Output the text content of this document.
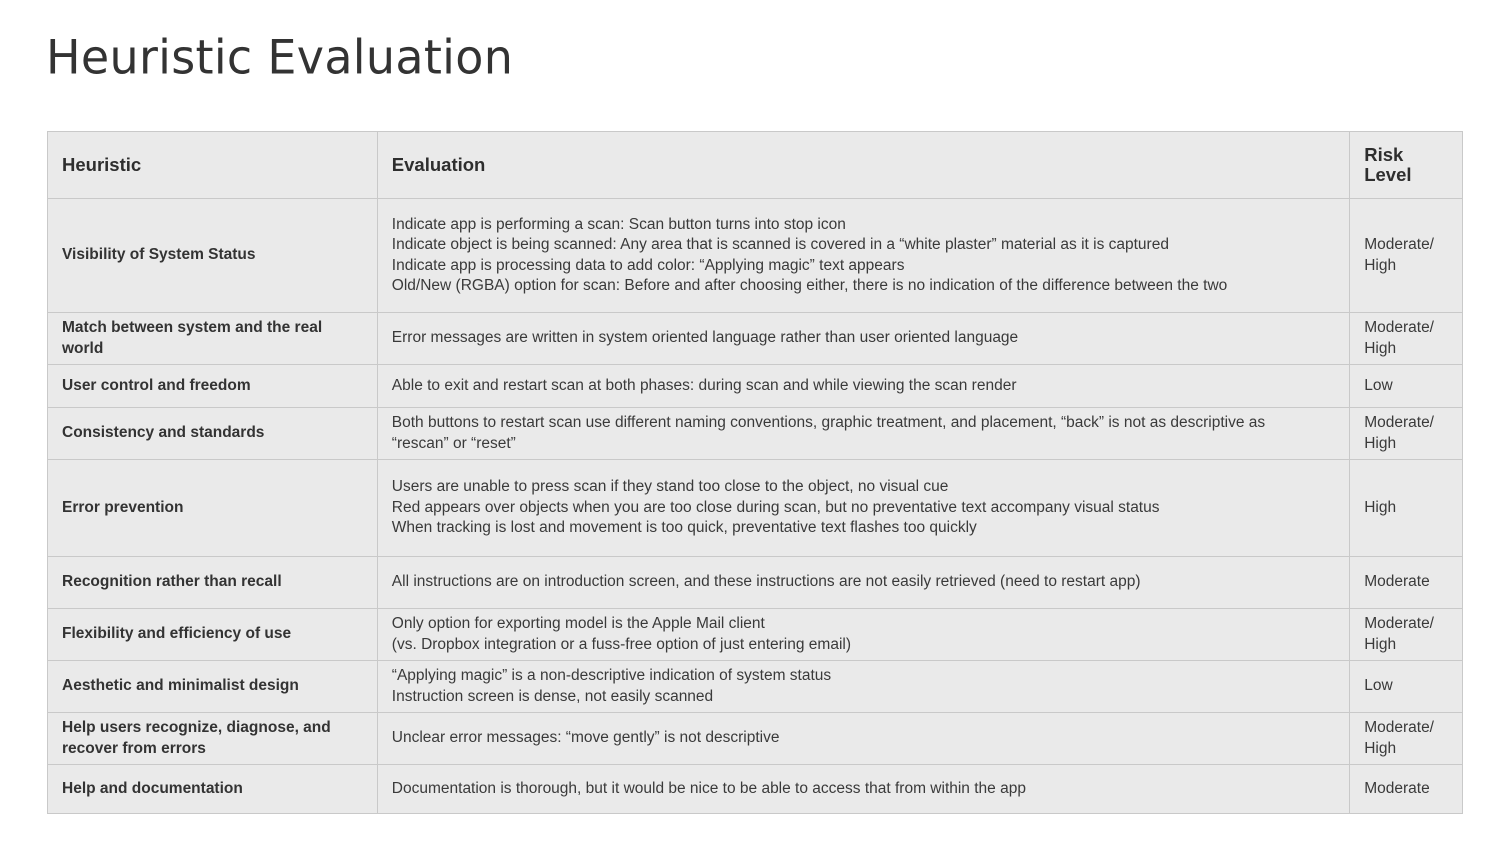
Heuristic Evaluation
Heuristic	Evaluation	Risk Level
Visibility of System Status	Indicate app is performing a scan: Scan button turns into stop icon
Indicate object is being scanned: Any area that is scanned is covered in a “white plaster” material as it is captured
Indicate app is processing data to add color: “Applying magic” text appears
Old/New (RGBA) option for scan: Before and after choosing either, there is no indication of the difference between the two	Moderate/
High

Match between system and the real world	Error messages are written in system oriented language rather than user oriented language	Moderate/
High

User control and freedom	Able to exit and restart scan at both phases: during scan and while viewing the scan render	Low

Consistency and standards	Both buttons to restart scan use different naming conventions, graphic treatment, and placement, “back” is not as descriptive as
“rescan” or “reset”	Moderate/
High

Error prevention	Users are unable to press scan if they stand too close to the object, no visual cue
Red appears over objects when you are too close during scan, but no preventative text accompany visual status
When tracking is lost and movement is too quick, preventative text flashes too quickly	High

Recognition rather than recall	All instructions are on introduction screen, and these instructions are not easily retrieved (need to restart app)	Moderate

Flexibility and efficiency of use	Only option for exporting model is the Apple Mail client
(vs. Dropbox integration or a fuss-free option of just entering email)	Moderate/
High

Aesthetic and minimalist design	“Applying magic” is a non-descriptive indication of system status
Instruction screen is dense, not easily scanned	Low

Help users recognize, diagnose, and recover from errors	Unclear error messages: “move gently” is not descriptive	Moderate/
High

Help and documentation	Documentation is thorough, but it would be nice to be able to access that from within the app	Moderate
